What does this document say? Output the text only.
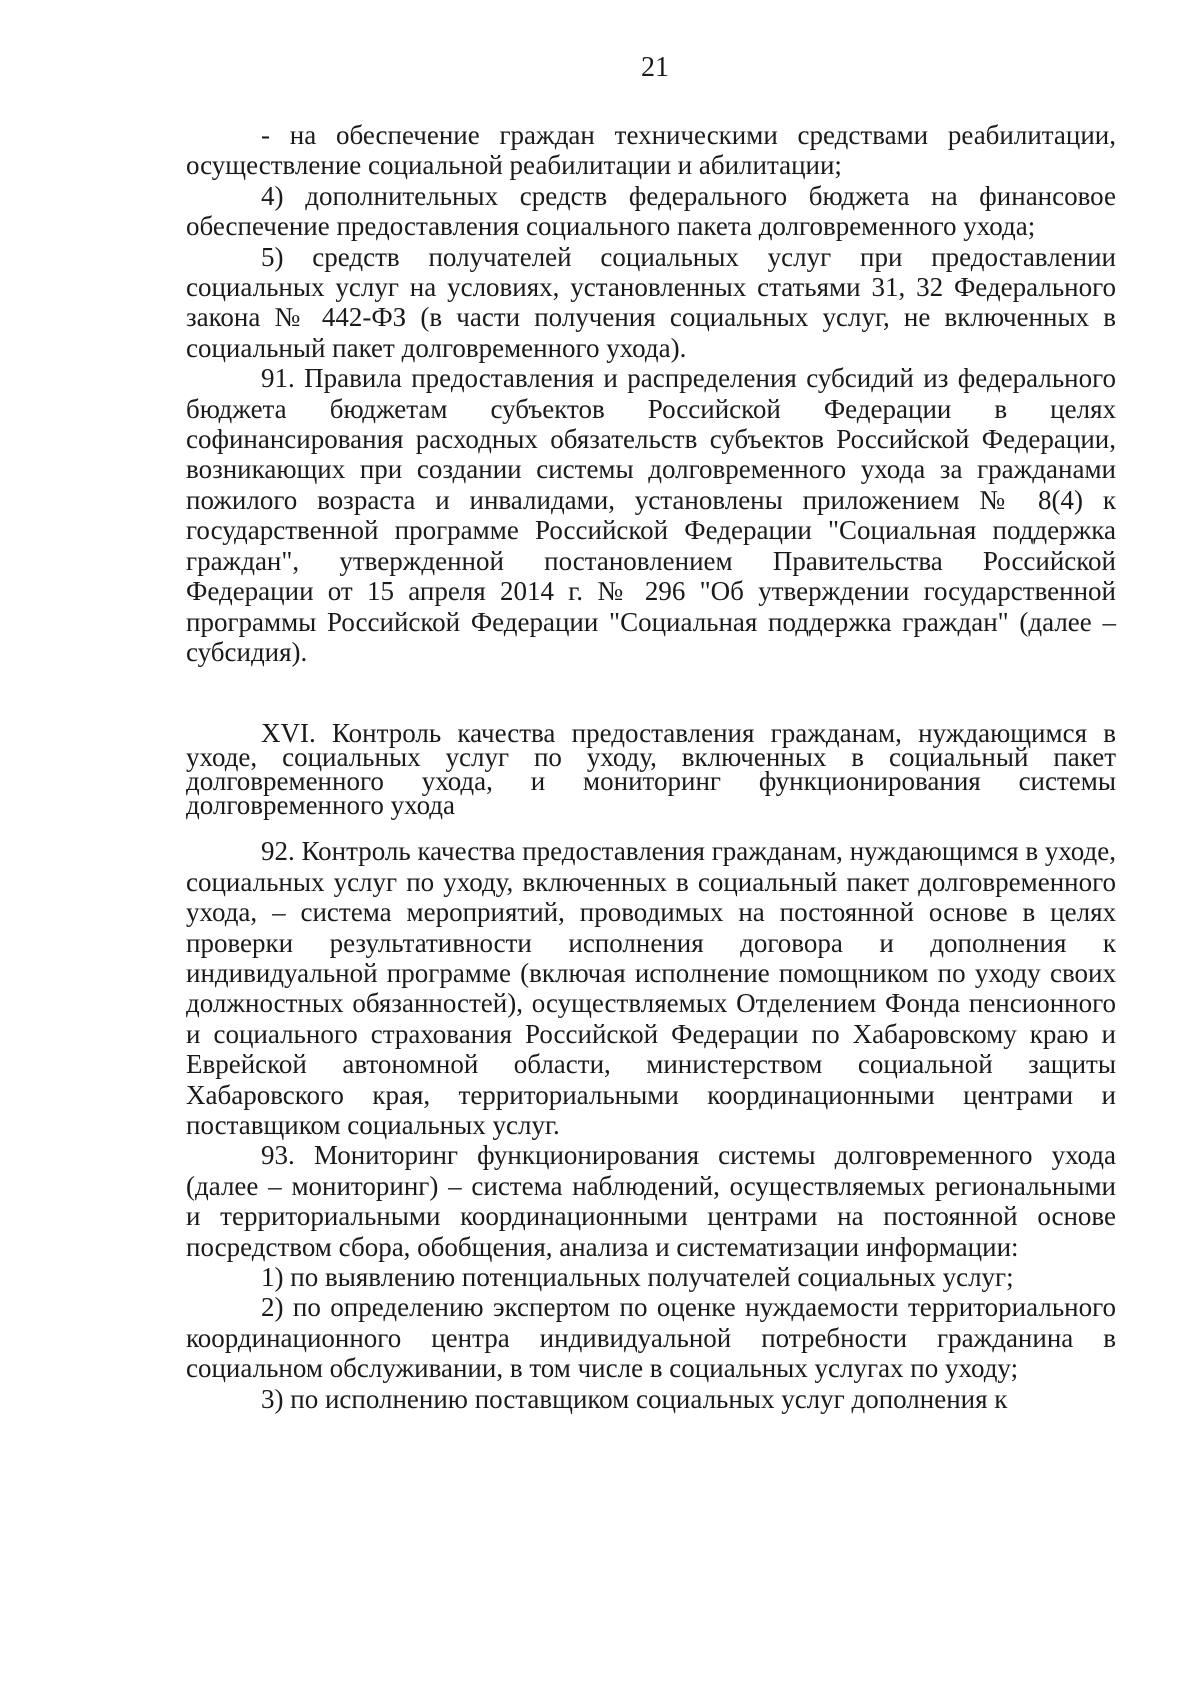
21

- на обеспечение граждан техническими средствами реабилитации, осуществление социальной реабилитации и абилитации;

4) дополнительных средств федерального бюджета на финансовое обеспечение предоставления социального пакета долговременного ухода;

5) средств получателей социальных услуг при предоставлении социальных услуг на условиях, установленных статьями 31, 32 Федерального закона № 442-ФЗ (в части получения социальных услуг, не включенных в социальный пакет долговременного ухода).

91. Правила предоставления и распределения субсидий из федерального бюджета бюджетам субъектов Российской Федерации в целях софинансирования расходных обязательств субъектов Российской Федерации, возникающих при создании системы долговременного ухода за гражданами пожилого возраста и инвалидами, установлены приложением № 8(4) к государственной программе Российской Федерации "Социальная поддержка граждан", утвержденной постановлением Правительства Российской Федерации от 15 апреля 2014 г. № 296 "Об утверждении государственной программы Российской Федерации "Социальная поддержка граждан" (далее – субсидия).

XVI. Контроль качества предоставления гражданам, нуждающимся в уходе, социальных услуг по уходу, включенных в социальный пакет долговременного ухода, и мониторинг функционирования системы долговременного ухода

92. Контроль качества предоставления гражданам, нуждающимся в уходе, социальных услуг по уходу, включенных в социальный пакет долговременного ухода, – система мероприятий, проводимых на постоянной основе в целях проверки результативности исполнения договора и дополнения к индивидуальной программе (включая исполнение помощником по уходу своих должностных обязанностей), осуществляемых Отделением Фонда пенсионного и социального страхования Российской Федерации по Хабаровскому краю и Еврейской автономной области, министерством социальной защиты Хабаровского края, территориальными координационными центрами и поставщиком социальных услуг.

93. Мониторинг функционирования системы долговременного ухода (далее – мониторинг) – система наблюдений, осуществляемых региональными и территориальными координационными центрами на постоянной основе посредством сбора, обобщения, анализа и систематизации информации:

1) по выявлению потенциальных получателей социальных услуг;

2) по определению экспертом по оценке нуждаемости территориального координационного центра индивидуальной потребности гражданина в социальном обслуживании, в том числе в социальных услугах по уходу;

3) по исполнению поставщиком социальных услуг дополнения к
